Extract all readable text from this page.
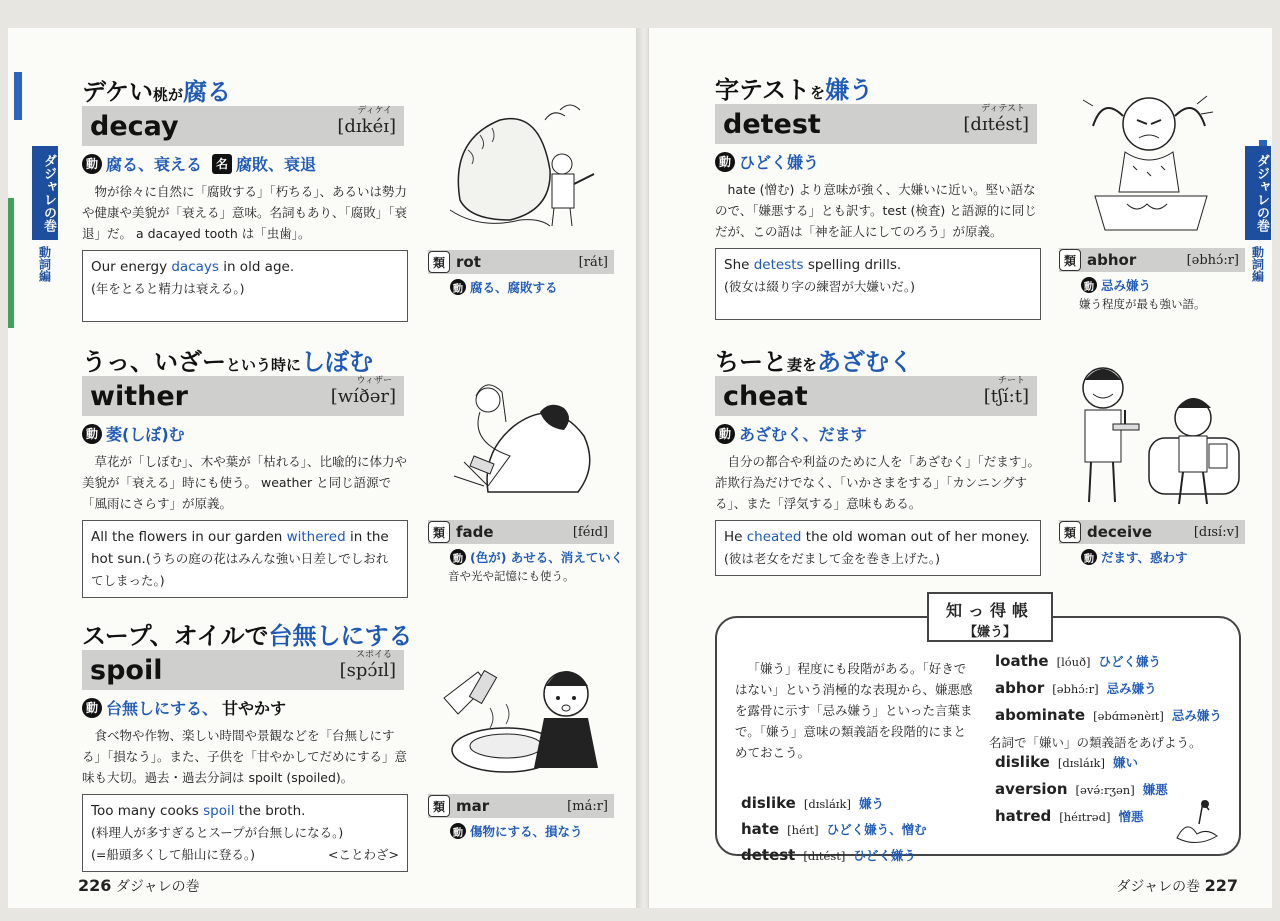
ダジャレの巻
動詞編
デケい桃が腐る
decay	ディケイ
[dɪkéɪ]
動 腐る、衰える	名 腐敗、衰退
物が徐々に自然に「腐敗する」「朽ちる」、あるいは勢力や健康や美貌が「衰える」意味。名詞もあり、「腐敗」「衰退」だ。 a dacayed tooth は「虫歯」。
Our energy dacays in old age.
(年をとると精力は衰える。)
類 rot	[rát]
動 腐る、腐敗する
うっ、いざーという時にしぼむ
wither	ウィザー
[wíðər]
動 萎(しぼ)む
草花が「しぼむ」、木や葉が「枯れる」、比喩的に体力や美貌が「衰える」時にも使う。 weather と同じ語源で「風雨にさらす」が原義。
All the flowers in our garden withered in the hot sun.(うちの庭の花はみんな強い日差しでしおれてしまった。)
類 fade	[féɪd]
動 (色が) あせる、消えていく
音や光や記憶にも使う。
スープ、オイルで台無しにする
spoil	スポイる
[spɔ́ɪl]
動 台無しにする、 甘やかす
食べ物や作物、楽しい時間や景観などを「台無しにする」「損なう」。また、子供を「甘やかしてだめにする」意味も大切。過去・過去分詞は spoilt (spoiled)。
Too many cooks spoil the broth.
(料理人が多すぎるとスープが台無しになる。)
(=船頭多くして船山に登る。)	<ことわざ>
類 mar	[má:r]
動 傷物にする、損なう
226 ダジャレの巻
ダジャレの巻
動詞編
字テストを嫌う
detest	ディテスト
[dɪtést]
動 ひどく嫌う
hate (憎む) より意味が強く、大嫌いに近い。堅い語なので、「嫌悪する」とも訳す。test (検査) と語源的に同じだが、この語は「神を証人にしてのろう」が原義。
She detests spelling drills.
(彼女は綴り字の練習が大嫌いだ。)
類 abhor	[əbhɔ́:r]
動 忌み嫌う
嫌う程度が最も強い語。
ちーと妻をあざむく
cheat	チート
[tʃí:t]
動 あざむく、だます
自分の都合や利益のために人を「あざむく」「だます」。詐欺行為だけでなく、「いかさまをする」「カンニングする」、また「浮気する」意味もある。
He cheated the old woman out of her money.
(彼は老女をだまして金を巻き上げた。)
類 deceive	[dɪsí:v]
動 だます、惑わす
知っ得帳
【嫌う】
「嫌う」程度にも段階がある。「好きではない」という消極的な表現から、嫌悪感を露骨に示す「忌み嫌う」といった言葉まで。「嫌う」意味の類義語を段階的にまとめておこう。
loathe [lóuð] ひどく嫌う
abhor [əbhɔ́:r] 忌み嫌う
abominate [əbɑ́mənèɪt] 忌み嫌う
名詞で「嫌い」の類義語をあげよう。
dislike [dɪsláɪk] 嫌い
aversion [əvə́:rʒən] 嫌悪
hatred [héɪtrəd] 憎悪
dislike [dɪsláɪk] 嫌う
hate [héɪt] ひどく嫌う、憎む
detest [dɪtést] ひどく嫌う
ダジャレの巻 227
